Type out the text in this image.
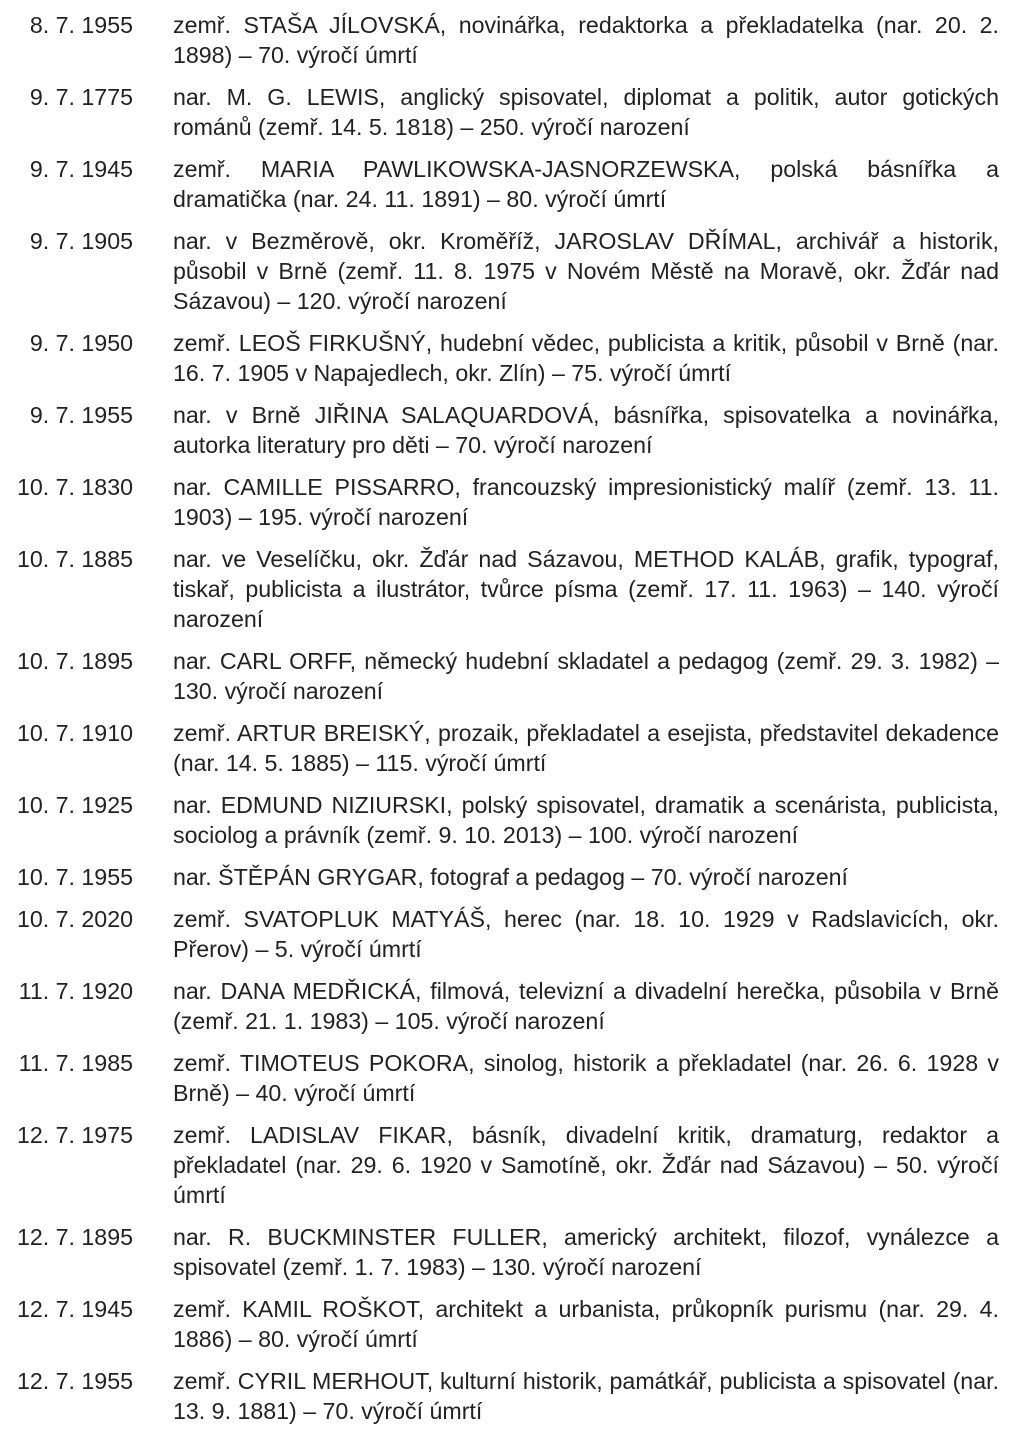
8. 7. 1955 zemř. STAŠA JÍLOVSKÁ, novinářka, redaktorka a překladatelka (nar. 20. 2. 1898) – 70. výročí úmrtí
9. 7. 1775 nar. M. G. LEWIS, anglický spisovatel, diplomat a politik, autor gotických románů (zemř. 14. 5. 1818) – 250. výročí narození
9. 7. 1945 zemř. MARIA PAWLIKOWSKA-JASNORZEWSKA, polská básnířka a dramatička (nar. 24. 11. 1891) – 80. výročí úmrtí
9. 7. 1905 nar. v Bezměrově, okr. Kroměříž, JAROSLAV DŘÍMAL, archivář a historik, působil v Brně (zemř. 11. 8. 1975 v Novém Městě na Moravě, okr. Žďár nad Sázavou) – 120. výročí narození
9. 7. 1950 zemř. LEOŠ FIRKUŠNÝ, hudební vědec, publicista a kritik, působil v Brně (nar. 16. 7. 1905 v Napajedlech, okr. Zlín) – 75. výročí úmrtí
9. 7. 1955 nar. v Brně JIŘINA SALAQUARDOVÁ, básnířka, spisovatelka a novinářka, autorka literatury pro děti – 70. výročí narození
10. 7. 1830 nar. CAMILLE PISSARRO, francouzský impresionistický malíř (zemř. 13. 11. 1903) – 195. výročí narození
10. 7. 1885 nar. ve Veselíčku, okr. Žďár nad Sázavou, METHOD KALÁB, grafik, typograf, tiskař, publicista a ilustrátor, tvůrce písma (zemř. 17. 11. 1963) – 140. výročí narození
10. 7. 1895 nar. CARL ORFF, německý hudební skladatel a pedagog (zemř. 29. 3. 1982) – 130. výročí narození
10. 7. 1910 zemř. ARTUR BREISKÝ, prozaik, překladatel a esejista, představitel dekadence (nar. 14. 5. 1885) – 115. výročí úmrtí
10. 7. 1925 nar. EDMUND NIZIURSKI, polský spisovatel, dramatik a scenárista, publicista, sociolog a právník (zemř. 9. 10. 2013) – 100. výročí narození
10. 7. 1955 nar. ŠTĚPÁN GRYGAR, fotograf a pedagog – 70. výročí narození
10. 7. 2020 zemř. SVATOPLUK MATYÁŠ, herec (nar. 18. 10. 1929 v Radslavicích, okr. Přerov) – 5. výročí úmrtí
11. 7. 1920 nar. DANA MEDŘICKÁ, filmová, televizní a divadelní herečka, působila v Brně (zemř. 21. 1. 1983) – 105. výročí narození
11. 7. 1985 zemř. TIMOTEUS POKORA, sinolog, historik a překladatel (nar. 26. 6. 1928 v Brně) – 40. výročí úmrtí
12. 7. 1975 zemř. LADISLAV FIKAR, básník, divadelní kritik, dramaturg, redaktor a překladatel (nar. 29. 6. 1920 v Samotíně, okr. Žďár nad Sázavou) – 50. výročí úmrtí
12. 7. 1895 nar. R. BUCKMINSTER FULLER, americký architekt, filozof, vynálezce a spisovatel (zemř. 1. 7. 1983) – 130. výročí narození
12. 7. 1945 zemř. KAMIL ROŠKOT, architekt a urbanista, průkopník purismu (nar. 29. 4. 1886) – 80. výročí úmrtí
12. 7. 1955 zemř. CYRIL MERHOUT, kulturní historik, památkář, publicista a spisovatel (nar. 13. 9. 1881) – 70. výročí úmrtí
